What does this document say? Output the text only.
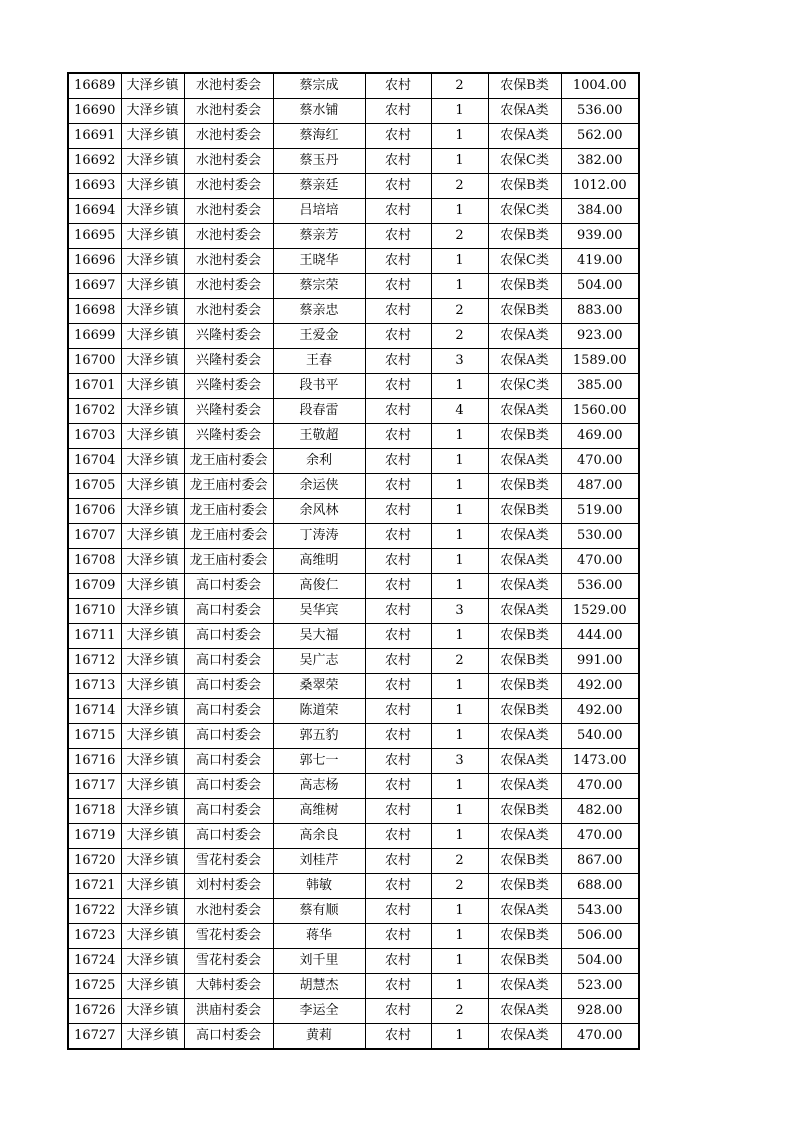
16689	大泽乡镇	水池村委会	蔡宗成	农村	2	农保B类	1004.00
16690	大泽乡镇	水池村委会	蔡水铺	农村	1	农保A类	536.00
16691	大泽乡镇	水池村委会	蔡海红	农村	1	农保A类	562.00
16692	大泽乡镇	水池村委会	蔡玉丹	农村	1	农保C类	382.00
16693	大泽乡镇	水池村委会	蔡亲廷	农村	2	农保B类	1012.00
16694	大泽乡镇	水池村委会	吕培培	农村	1	农保C类	384.00
16695	大泽乡镇	水池村委会	蔡亲芳	农村	2	农保B类	939.00
16696	大泽乡镇	水池村委会	王晓华	农村	1	农保C类	419.00
16697	大泽乡镇	水池村委会	蔡宗荣	农村	1	农保B类	504.00
16698	大泽乡镇	水池村委会	蔡亲忠	农村	2	农保B类	883.00
16699	大泽乡镇	兴隆村委会	王爱金	农村	2	农保A类	923.00
16700	大泽乡镇	兴隆村委会	王春	农村	3	农保A类	1589.00
16701	大泽乡镇	兴隆村委会	段书平	农村	1	农保C类	385.00
16702	大泽乡镇	兴隆村委会	段春雷	农村	4	农保A类	1560.00
16703	大泽乡镇	兴隆村委会	王敬超	农村	1	农保B类	469.00
16704	大泽乡镇	龙王庙村委会	余利	农村	1	农保A类	470.00
16705	大泽乡镇	龙王庙村委会	余运侠	农村	1	农保B类	487.00
16706	大泽乡镇	龙王庙村委会	余风林	农村	1	农保B类	519.00
16707	大泽乡镇	龙王庙村委会	丁涛涛	农村	1	农保A类	530.00
16708	大泽乡镇	龙王庙村委会	高维明	农村	1	农保A类	470.00
16709	大泽乡镇	高口村委会	高俊仁	农村	1	农保A类	536.00
16710	大泽乡镇	高口村委会	吴华宾	农村	3	农保A类	1529.00
16711	大泽乡镇	高口村委会	吴大福	农村	1	农保B类	444.00
16712	大泽乡镇	高口村委会	吴广志	农村	2	农保B类	991.00
16713	大泽乡镇	高口村委会	桑翠荣	农村	1	农保B类	492.00
16714	大泽乡镇	高口村委会	陈道荣	农村	1	农保B类	492.00
16715	大泽乡镇	高口村委会	郭五豹	农村	1	农保A类	540.00
16716	大泽乡镇	高口村委会	郭七一	农村	3	农保A类	1473.00
16717	大泽乡镇	高口村委会	高志杨	农村	1	农保A类	470.00
16718	大泽乡镇	高口村委会	高维树	农村	1	农保B类	482.00
16719	大泽乡镇	高口村委会	高余良	农村	1	农保A类	470.00
16720	大泽乡镇	雪花村委会	刘桂芹	农村	2	农保B类	867.00
16721	大泽乡镇	刘村村委会	韩敏	农村	2	农保B类	688.00
16722	大泽乡镇	水池村委会	蔡有顺	农村	1	农保A类	543.00
16723	大泽乡镇	雪花村委会	蒋华	农村	1	农保B类	506.00
16724	大泽乡镇	雪花村委会	刘千里	农村	1	农保B类	504.00
16725	大泽乡镇	大韩村委会	胡慧杰	农村	1	农保A类	523.00
16726	大泽乡镇	洪庙村委会	李运全	农村	2	农保A类	928.00
16727	大泽乡镇	高口村委会	黄莉	农村	1	农保A类	470.00
